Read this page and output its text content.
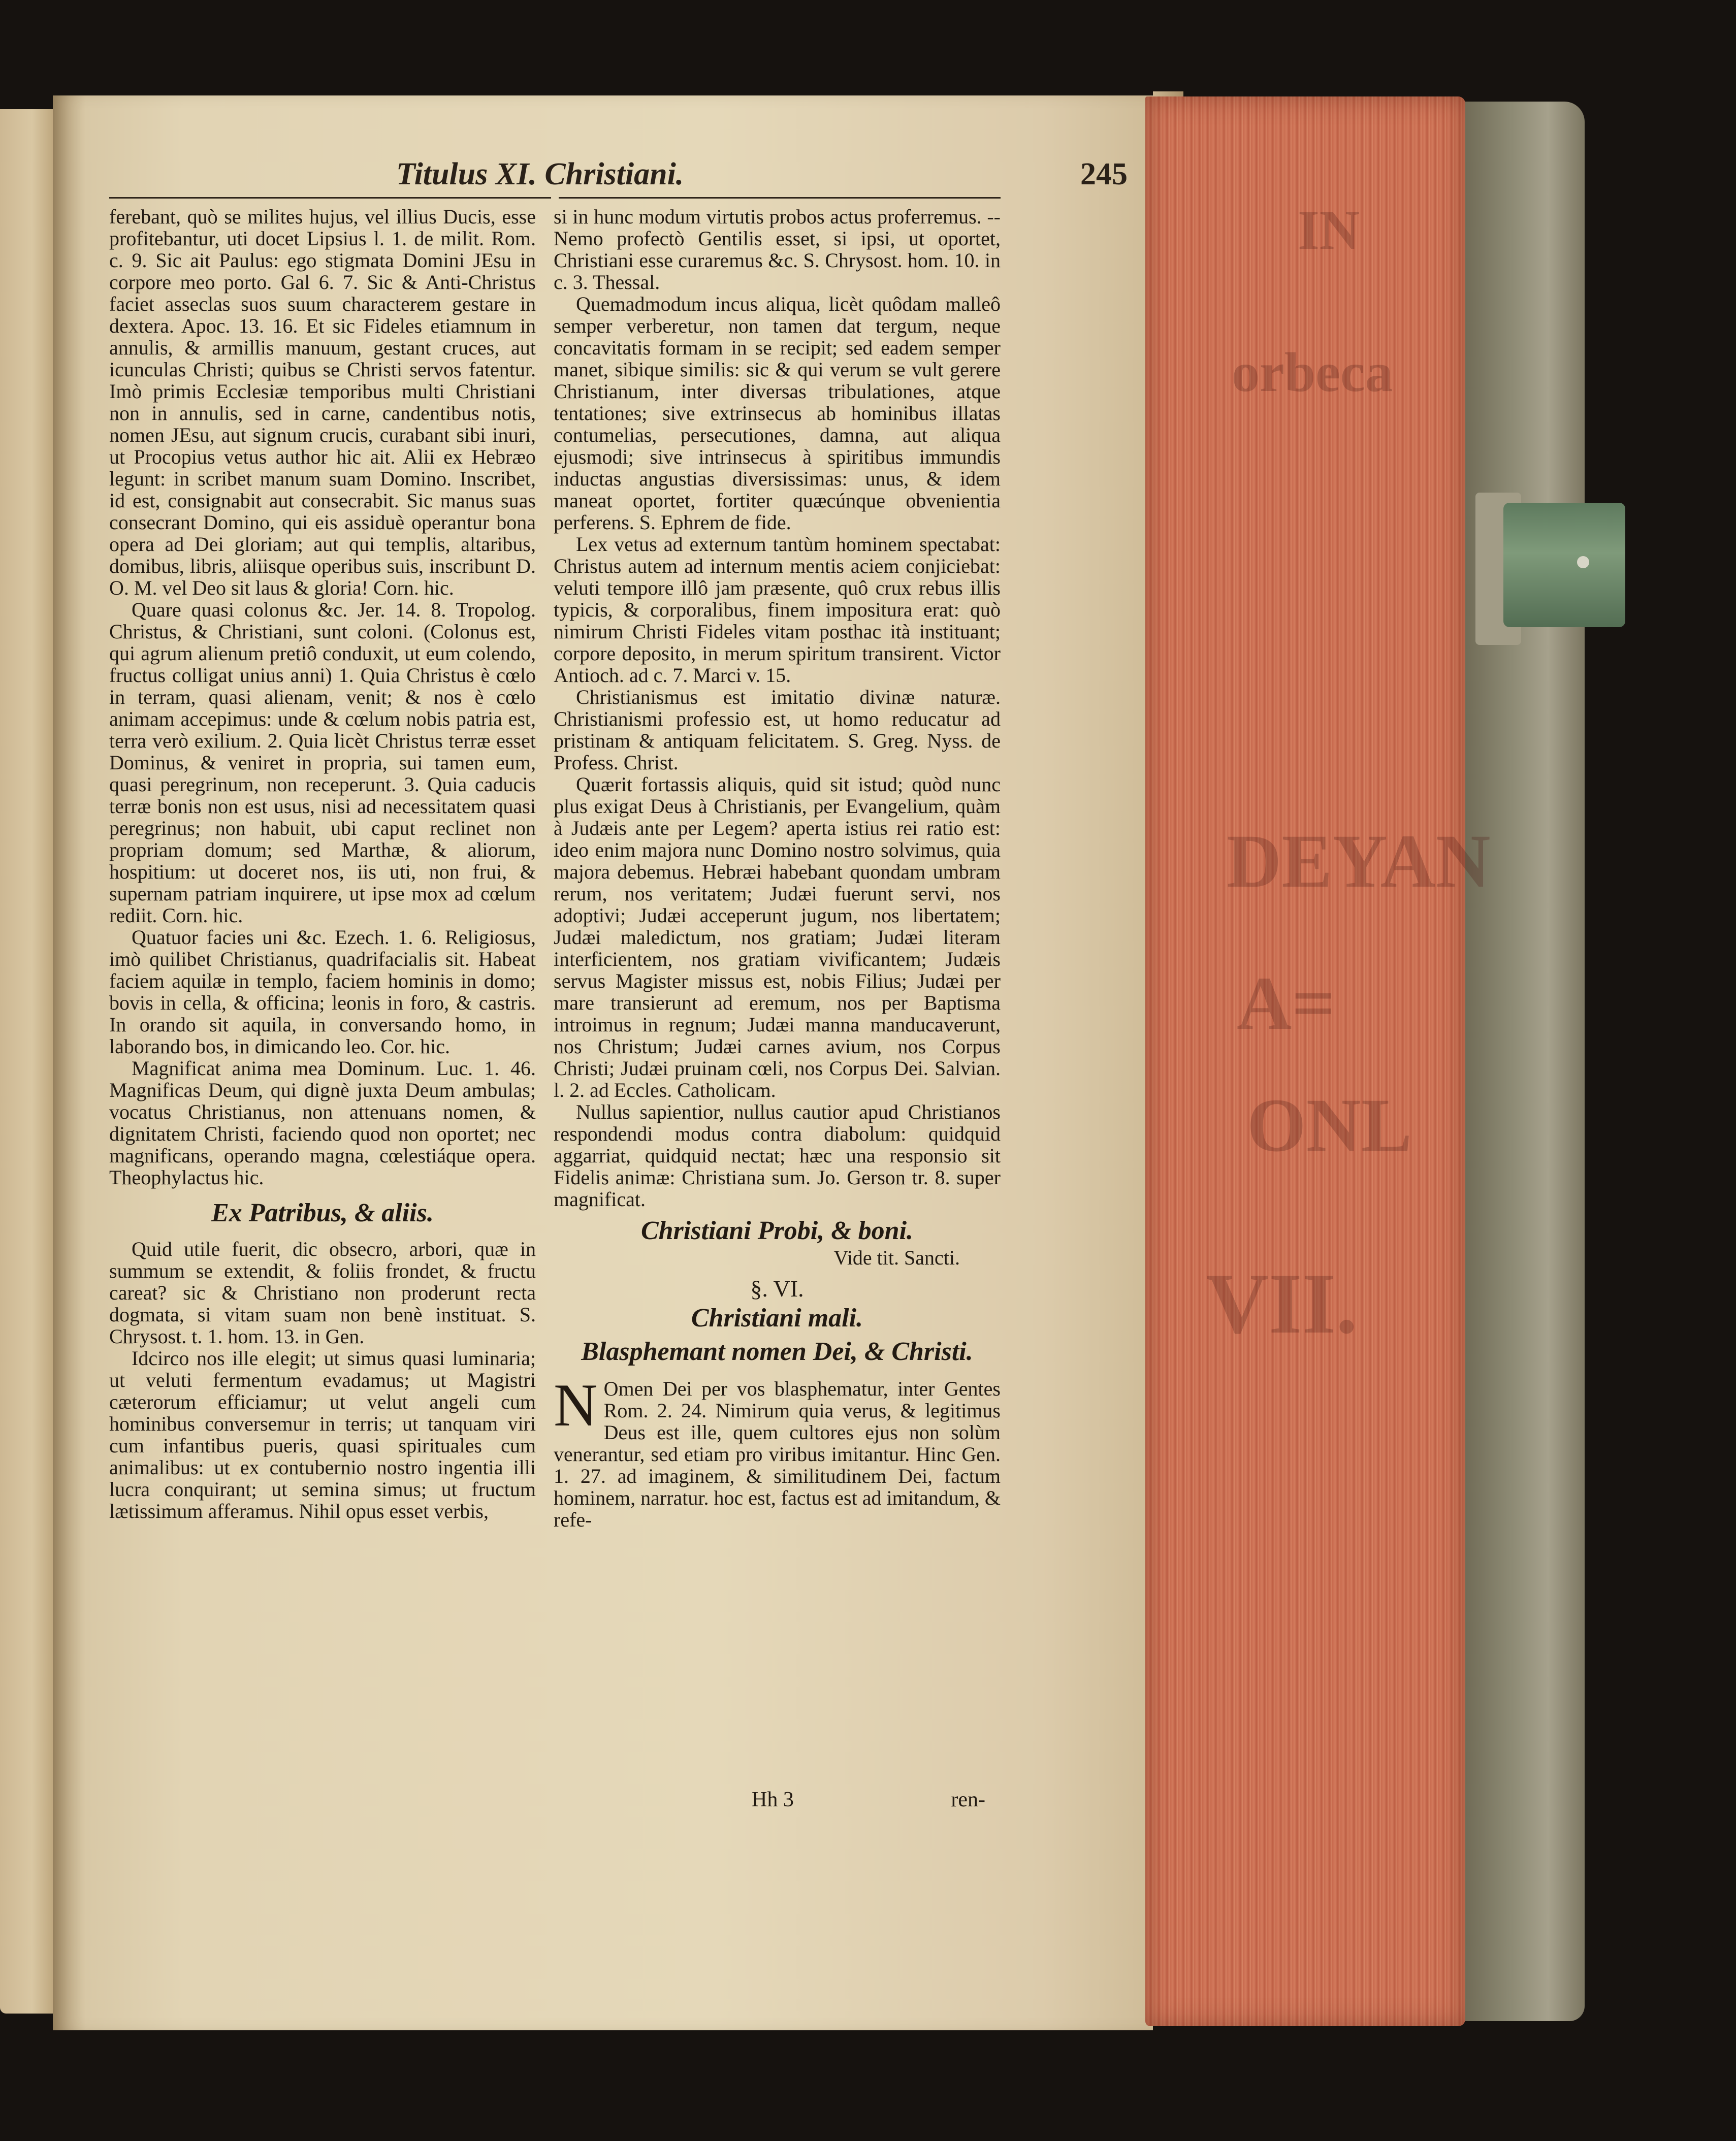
IN
orbeca
DEYAN
A=
ONL
VII.
Titulus XI. Christiani.	245

ferebant, quò se milites hujus, vel illius Ducis, esse profitebantur, uti docet Lipsius l. 1. de milit. Rom. c. 9. Sic ait Paulus: ego stigmata Domini JEsu in corpore meo porto. Gal 6. 7. Sic & Anti-Christus faciet asseclas suos suum characterem gestare in dextera. Apoc. 13. 16. Et sic Fideles etiamnum in annulis, & armillis manuum, gestant cruces, aut icunculas Christi; quibus se Christi servos fatentur. Imò primis Ecclesiæ temporibus multi Christiani non in annulis, sed in carne, candentibus notis, nomen JEsu, aut signum crucis, curabant sibi inuri, ut Procopius vetus author hic ait. Alii ex Hebræo legunt: in scribet manum suam Domino. Inscribet, id est, consignabit aut consecrabit. Sic manus suas consecrant Domino, qui eis assiduè operantur bona opera ad Dei gloriam; aut qui templis, altaribus, domibus, libris, aliisque operibus suis, inscribunt D. O. M. vel Deo sit laus & gloria! Corn. hic.

Quare quasi colonus &c. Jer. 14. 8. Tropolog. Christus, & Christiani, sunt coloni. (Colonus est, qui agrum alienum pretiô conduxit, ut eum colendo, fructus colligat unius anni) 1. Quia Christus è cœlo in terram, quasi alienam, venit; & nos è cœlo animam accepimus: unde & cœlum nobis patria est, terra verò exilium. 2. Quia licèt Christus terræ esset Dominus, & veniret in propria, sui tamen eum, quasi peregrinum, non receperunt. 3. Quia caducis terræ bonis non est usus, nisi ad necessitatem quasi peregrinus; non habuit, ubi caput reclinet non propriam domum; sed Marthæ, & aliorum, hospitium: ut doceret nos, iis uti, non frui, & supernam patriam inquirere, ut ipse mox ad cœlum rediit. Corn. hic.

Quatuor facies uni &c. Ezech. 1. 6. Religiosus, imò quilibet Christianus, quadrifacialis sit. Habeat faciem aquilæ in templo, faciem hominis in domo; bovis in cella, & officina; leonis in foro, & castris. In orando sit aquila, in conversando homo, in laborando bos, in dimicando leo. Cor. hic.

Magnificat anima mea Dominum. Luc. 1. 46. Magnificas Deum, qui dignè juxta Deum ambulas; vocatus Christianus, non attenuans nomen, & dignitatem Christi, faciendo quod non oportet; nec magnificans, operando magna, cœlestiáque opera. Theophylactus hic.

Ex Patribus, & aliis.

Quid utile fuerit, dic obsecro, arbori, quæ in summum se extendit, & foliis frondet, & fructu careat? sic & Christiano non proderunt recta dogmata, si vitam suam non benè instituat. S. Chrysost. t. 1. hom. 13. in Gen.

Idcirco nos ille elegit; ut simus quasi luminaria; ut veluti fermentum evadamus; ut Magistri cæterorum efficiamur; ut velut angeli cum hominibus conversemur in terris; ut tanquam viri cum infantibus pueris, quasi spirituales cum animalibus: ut ex contubernio nostro ingentia illi lucra conquirant; ut semina simus; ut fructum lætissimum afferamus. Nihil opus esset verbis,

si in hunc modum virtutis probos actus proferremus. -- Nemo profectò Gentilis esset, si ipsi, ut oportet, Christiani esse curaremus &c. S. Chrysost. hom. 10. in c. 3. Thessal.

Quemadmodum incus aliqua, licèt quôdam malleô semper verberetur, non tamen dat tergum, neque concavitatis formam in se recipit; sed eadem semper manet, sibique similis: sic & qui verum se vult gerere Christianum, inter diversas tribulationes, atque tentationes; sive extrinsecus ab hominibus illatas contumelias, persecutiones, damna, aut aliqua ejusmodi; sive intrinsecus à spiritibus immundis inductas angustias diversissimas: unus, & idem maneat oportet, fortiter quæcúnque obvenientia perferens. S. Ephrem de fide.

Lex vetus ad externum tantùm hominem spectabat: Christus autem ad internum mentis aciem conjiciebat: veluti tempore illô jam præsente, quô crux rebus illis typicis, & corporalibus, finem impositura erat: quò nimirum Christi Fideles vitam posthac ità instituant; corpore deposito, in merum spiritum transirent. Victor Antioch. ad c. 7. Marci v. 15.

Christianismus est imitatio divinæ naturæ. Christianismi professio est, ut homo reducatur ad pristinam & antiquam felicitatem. S. Greg. Nyss. de Profess. Christ.

Quærit fortassis aliquis, quid sit istud; quòd nunc plus exigat Deus à Christianis, per Evangelium, quàm à Judæis ante per Legem? aperta istius rei ratio est: ideo enim majora nunc Domino nostro solvimus, quia majora debemus. Hebræi habebant quondam umbram rerum, nos veritatem; Judæi fuerunt servi, nos adoptivi; Judæi acceperunt jugum, nos libertatem; Judæi maledictum, nos gratiam; Judæi literam interficientem, nos gratiam vivificantem; Judæis servus Magister missus est, nobis Filius; Judæi per mare transierunt ad eremum, nos per Baptisma introimus in regnum; Judæi manna manducaverunt, nos Christum; Judæi carnes avium, nos Corpus Christi; Judæi pruinam cœli, nos Corpus Dei. Salvian. l. 2. ad Eccles. Catholicam.

Nullus sapientior, nullus cautior apud Christianos respondendi modus contra diabolum: quidquid aggarriat, quidquid nectat; hæc una responsio sit Fidelis animæ: Christiana sum. Jo. Gerson tr. 8. super magnificat.

Christiani Probi, & boni.
Vide tit. Sancti.
§. VI.
Christiani mali.
Blasphemant nomen Dei, & Christi.

N Omen Dei per vos blasphematur, inter Gentes Rom. 2. 24. Nimirum quia verus, & legitimus Deus est ille, quem cultores ejus non solùm venerantur, sed etiam pro viribus imitantur. Hinc Gen. 1. 27. ad imaginem, & similitudinem Dei, factum hominem, narratur. hoc est, factus est ad imitandum, & refe-

Hh 3	ren-
